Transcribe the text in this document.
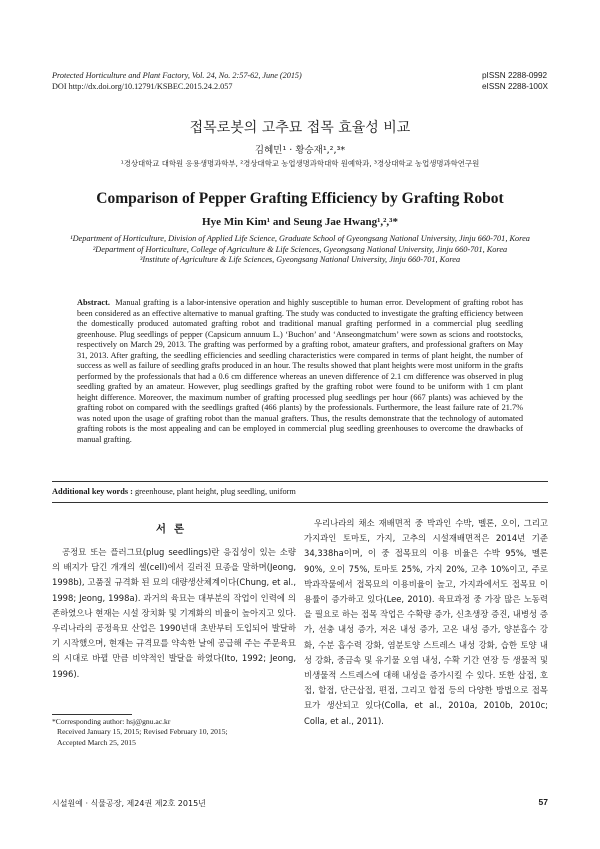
Protected Horticulture and Plant Factory, Vol. 24, No. 2:57-62, June (2015)
DOI http://dx.doi.org/10.12791/KSBEC.2015.24.2.057
pISSN 2288-0992
eISSN 2288-100X
접목로봇의 고추묘 접목 효율성 비교
김혜민¹ · 황승재¹,²,³*
¹경상대학교 대학원 응용생명과학부, ²경상대학교 농업생명과학대학 원예학과, ³경상대학교 농업생명과학연구원
Comparison of Pepper Grafting Efficiency by Grafting Robot
Hye Min Kim¹ and Seung Jae Hwang¹,²,³*

¹Department of Horticulture, Division of Applied Life Science, Graduate School of Gyeongsang National University, Jinju 660-701, Korea

²Department of Horticulture, College of Agriculture & Life Sciences, Gyeongsang National University, Jinju 660-701, Korea

³Institute of Agriculture & Life Sciences, Gyeongsang National University, Jinju 660-701, Korea

Abstract. Manual grafting is a labor-intensive operation and highly susceptible to human error. Development of grafting robot has been considered as an effective alternative to manual grafting. The study was conducted to investigate the grafting efficiency between the domestically produced automated grafting robot and traditional manual grafting performed in a commercial plug seedling greenhouse. Plug seedlings of pepper (Capsicum annuum L.) ‘Buchon’ and ‘Anseongmatchum’ were sown as scions and rootstocks, respectively on March 29, 2013. The grafting was performed by a grafting robot, amateur grafters, and professional grafters on May 31, 2013. After grafting, the seedling efficiencies and seedling characteristics were compared in terms of plant height, the number of success as well as failure of seedling grafts produced in an hour. The results showed that plant heights were most uniform in the grafts performed by the professionals that had a 0.6 cm difference whereas an uneven difference of 2.1 cm difference was observed in plug seedling grafted by an amateur. However, plug seedlings grafted by the grafting robot were found to be uniform with 1 cm plant height difference. Moreover, the maximum number of grafting processed plug seedlings per hour (667 plants) was achieved by the grafting robot on compared with the seedlings grafted (466 plants) by the professionals. Furthermore, the least failure rate of 21.7% was noted upon the usage of grafting robot than the manual grafters. Thus, the results demonstrate that the technology of automated grafting robots is the most appealing and can be employed in commercial plug seedling greenhouses to overcome the drawbacks of manual grafting.

Additional key words : greenhouse, plant height, plug seedling, uniform
서론

공정묘 또는 플러그묘(plug seedlings)란 응집성이 있는 소량의 배지가 담긴 개개의 셀(cell)에서 길러진 묘종을 말하며(Jeong, 1998b), 고품질 규격화 된 묘의 대량생산체계이다(Chung, et al., 1998; Jeong, 1998a). 과거의 육묘는 대부분의 작업이 인력에 의존하였으나 현재는 시설 장치화 및 기계화의 비율이 높아지고 있다. 우리나라의 공정육묘 산업은 1990년대 초반부터 도입되어 발달하기 시작했으며, 현재는 규격묘를 약속한 날에 공급해 주는 주문육묘의 시대로 바뀔 만큼 비약적인 발달을 하였다(Ito, 1992; Jeong, 1996).

우리나라의 채소 재배면적 중 박과인 수박, 멜론, 오이, 그리고 가지과인 토마토, 가지, 고추의 시설재배면적은 2014년 기준 34,338ha이며, 이 중 접목묘의 이용 비율은 수박 95%, 멜론 90%, 오이 75%, 토마토 25%, 가지 20%, 고추 10%이고, 주로 박과작물에서 접목묘의 이용비율이 높고, 가지과에서도 접목묘 이용률이 증가하고 있다(Lee, 2010). 육묘과정 중 가장 많은 노동력을 필요로 하는 접목 작업은 수확량 증가, 신초생장 증진, 내병성 증가, 선충 내성 증가, 저온 내성 증가, 고온 내성 증가, 양분흡수 강화, 수분 흡수력 강화, 염분토양 스트레스 내성 강화, 습한 토양 내성 강화, 중금속 및 유기물 오염 내성, 수확 기간 연장 등 생물적 및 비생물적 스트레스에 대해 내성을 증가시킬 수 있다. 또한 삽접, 호접, 할접, 단근삽접, 편접, 그리고 합접 등의 다양한 방법으로 접목묘가 생산되고 있다(Colla, et al., 2010a, 2010b, 2010c; Colla, et al., 2011).

*Corresponding author: hsj@gnu.ac.kr

Received January 15, 2015; Revised February 10, 2015;

Accepted March 25, 2015

시설원예 · 식물공장, 제24권 제2호 2015년	57
